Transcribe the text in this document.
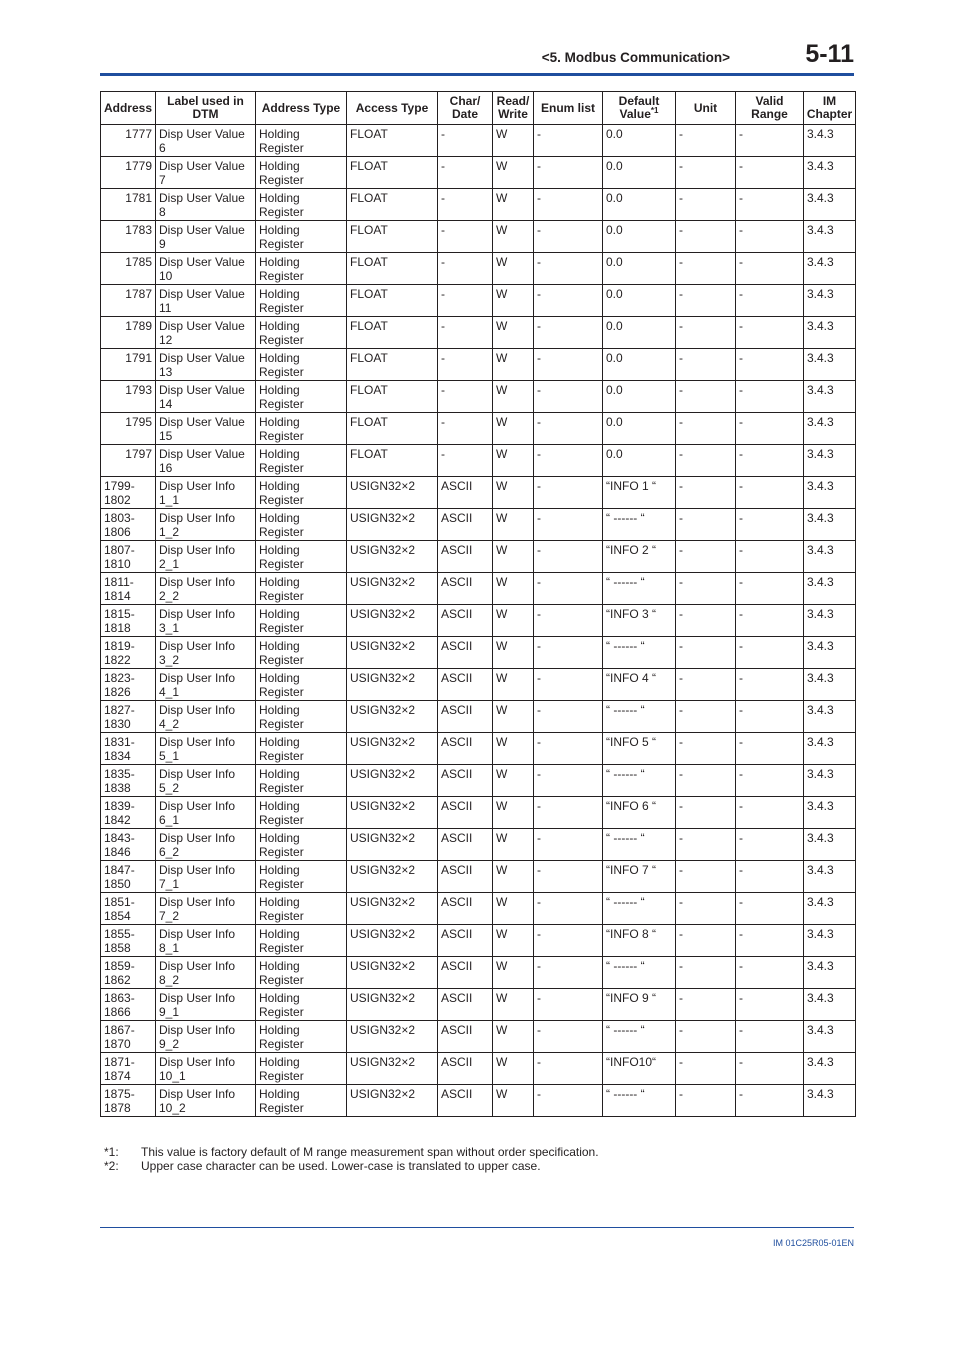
<5. Modbus Communication>	5-11
Address	Label used in DTM	Address Type	Access Type	Char/ Date	Read/ Write	Enum list	Default Value$^{*1}$	Unit	Valid Range	IM Chapter
1777	Disp User Value 6	Holding Register	FLOAT	-	W	-	0.0	-	-	3.4.3
1779	Disp User Value 7	Holding Register	FLOAT	-	W	-	0.0	-	-	3.4.3
1781	Disp User Value 8	Holding Register	FLOAT	-	W	-	0.0	-	-	3.4.3
1783	Disp User Value 9	Holding Register	FLOAT	-	W	-	0.0	-	-	3.4.3
1785	Disp User Value 10	Holding Register	FLOAT	-	W	-	0.0	-	-	3.4.3
1787	Disp User Value 11	Holding Register	FLOAT	-	W	-	0.0	-	-	3.4.3
1789	Disp User Value 12	Holding Register	FLOAT	-	W	-	0.0	-	-	3.4.3
1791	Disp User Value 13	Holding Register	FLOAT	-	W	-	0.0	-	-	3.4.3
1793	Disp User Value 14	Holding Register	FLOAT	-	W	-	0.0	-	-	3.4.3
1795	Disp User Value 15	Holding Register	FLOAT	-	W	-	0.0	-	-	3.4.3
1797	Disp User Value 16	Holding Register	FLOAT	-	W	-	0.0	-	-	3.4.3
1799- 1802	Disp User Info 1_1	Holding Register	USIGN32×2	ASCII	W	-	“INFO 1 “	-	-	3.4.3
1803- 1806	Disp User Info 1_2	Holding Register	USIGN32×2	ASCII	W	-	“ ------ “	-	-	3.4.3
1807- 1810	Disp User Info 2_1	Holding Register	USIGN32×2	ASCII	W	-	“INFO 2 “	-	-	3.4.3
1811- 1814	Disp User Info 2_2	Holding Register	USIGN32×2	ASCII	W	-	“ ------ “	-	-	3.4.3
1815- 1818	Disp User Info 3_1	Holding Register	USIGN32×2	ASCII	W	-	“INFO 3 “	-	-	3.4.3
1819- 1822	Disp User Info 3_2	Holding Register	USIGN32×2	ASCII	W	-	“ ------ “	-	-	3.4.3
1823- 1826	Disp User Info 4_1	Holding Register	USIGN32×2	ASCII	W	-	“INFO 4 “	-	-	3.4.3
1827- 1830	Disp User Info 4_2	Holding Register	USIGN32×2	ASCII	W	-	“ ------ “	-	-	3.4.3
1831- 1834	Disp User Info 5_1	Holding Register	USIGN32×2	ASCII	W	-	“INFO 5 “	-	-	3.4.3
1835- 1838	Disp User Info 5_2	Holding Register	USIGN32×2	ASCII	W	-	“ ------ “	-	-	3.4.3
1839- 1842	Disp User Info 6_1	Holding Register	USIGN32×2	ASCII	W	-	“INFO 6 “	-	-	3.4.3
1843- 1846	Disp User Info 6_2	Holding Register	USIGN32×2	ASCII	W	-	“ ------ “	-	-	3.4.3
1847- 1850	Disp User Info 7_1	Holding Register	USIGN32×2	ASCII	W	-	“INFO 7 “	-	-	3.4.3
1851- 1854	Disp User Info 7_2	Holding Register	USIGN32×2	ASCII	W	-	“ ------ “	-	-	3.4.3
1855- 1858	Disp User Info 8_1	Holding Register	USIGN32×2	ASCII	W	-	“INFO 8 “	-	-	3.4.3
1859- 1862	Disp User Info 8_2	Holding Register	USIGN32×2	ASCII	W	-	“ ------ “	-	-	3.4.3
1863- 1866	Disp User Info 9_1	Holding Register	USIGN32×2	ASCII	W	-	“INFO 9 “	-	-	3.4.3
1867- 1870	Disp User Info 9_2	Holding Register	USIGN32×2	ASCII	W	-	“ ------ “	-	-	3.4.3
1871- 1874	Disp User Info 10_1	Holding Register	USIGN32×2	ASCII	W	-	“INFO10“	-	-	3.4.3
1875- 1878	Disp User Info 10_2	Holding Register	USIGN32×2	ASCII	W	-	“ ------ “	-	-	3.4.3
*1:	This value is factory default of M range measurement span without order specification.
*2:	Upper case character can be used. Lower-case is translated to upper case.
IM 01C25R05-01EN
